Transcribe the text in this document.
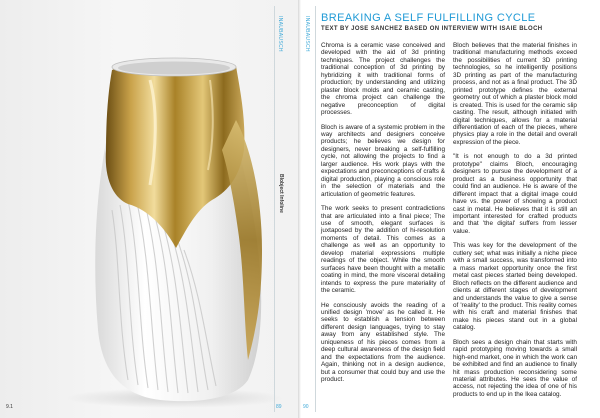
INAUBAUSCH
Blobject Infoline
9.1	89
INAUBAUSCH
90
BREAKING A SELF FULFILLING CYCLE
TEXT BY JOSE SANCHEZ BASED ON INTERVIEW WITH ISAIE BLOCH

Chroma is a ceramic vase conceived and developed with the aid of 3d printing techniques. The project challenges the traditional conception of 3d printing by hybridizing it with traditional forms of production; by understanding and utilizing plaster block molds and ceramic casting, the chroma project can challenge the negative preconception of digital processes.

Bloch is aware of a systemic problem in the way architects and designers conceive products; he believes we design for designers, never breaking a self-fulfilling cycle, not allowing the projects to find a larger audience. His work plays with the expectations and preconceptions of crafts & digital production, playing a conscious role in the selection of materials and the articulation of geometric features.

The work seeks to present contradictions that are articulated into a final piece; The use of smooth, elegant surfaces is juxtaposed by the addition of hi-resolution moments of detail. This comes as a challenge as well as an opportunity to develop material expressions multiple readings of the object. While the smooth surfaces have been thought with a metallic coating in mind, the more visceral detailing intends to express the pure materiality of the ceramic.

He consciously avoids the reading of a unified design 'move' as he called it. He seeks to establish a tension between different design languages, trying to stay away from any established style. The uniqueness of his pieces comes from a deep cultural awareness of the design field and the expectations from the audience. Again, thinking not in a design audience, but a consumer that could buy and use the product.

Bloch believes that the material finishes in traditional manufacturing methods exceed the possibilities of current 3D printing technologies, so he intelligently positions 3D printing as part of the manufacturing process, and not as a final product. The 3D printed prototype defines the external geometry out of which a plaster block mold is created. This is used for the ceramic slip casting. The result, although initiated with digital techniques, allows for a material differentiation of each of the pieces, where physics play a role in the detail and overall expression of the piece.

"It is not enough to do a 3d printed prototype" claims Bloch, encouraging designers to pursue the development of a product as a business opportunity that could find an audience. He is aware of the different impact that a digital image could have vs. the power of showing a product cast in metal. He believes that it is still an important interested for crafted products and that 'the digital' suffers from lesser value.

This was key for the development of the cutlery set; what was initially a niche piece with a small success, was transformed into a mass market opportunity once the first metal cast pieces started being developed. Bloch reflects on the different audience and clients at different stages of development and understands the value to give a sense of 'reality' to the product. This reality comes with his craft and material finishes that make his pieces stand out in a global catalog.

Bloch sees a design chain that starts with rapid prototyping moving towards a small high-end market, one in which the work can be exhibited and find an audience to finally hit mass production reconsidering some material attributes. He sees the value of access, not rejecting the idea of one of his products to end up in the Ikea catalog.
